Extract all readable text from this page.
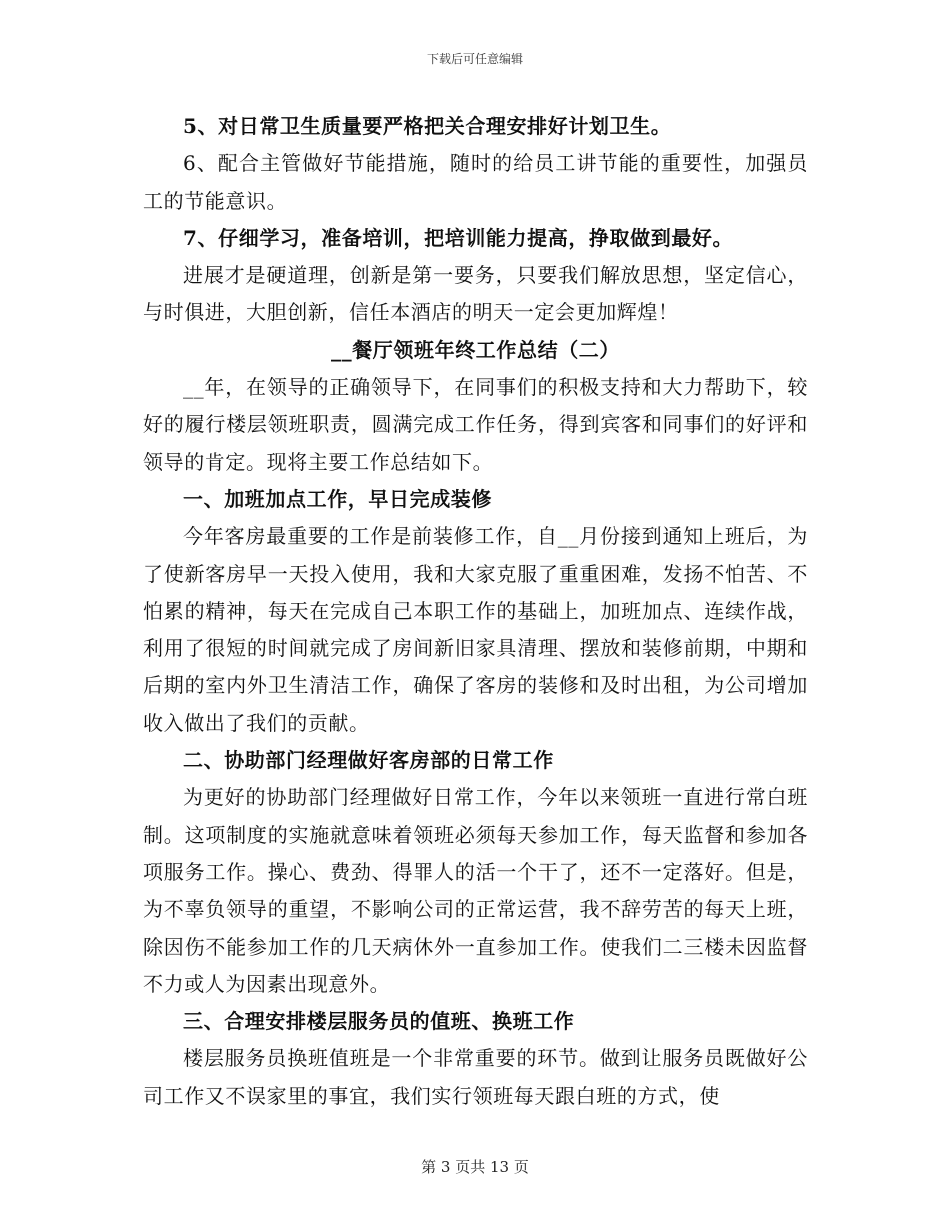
下载后可任意编辑

5、对日常卫生质量要严格把关合理安排好计划卫生。

6、配合主管做好节能措施，随时的给员工讲节能的重要性，加强员工的节能意识。

7、仔细学习，准备培训，把培训能力提高，挣取做到最好。

进展才是硬道理，创新是第一要务，只要我们解放思想，坚定信心，与时俱进，大胆创新，信任本酒店的明天一定会更加辉煌！

__餐厅领班年终工作总结（二）

__年，在领导的正确领导下，在同事们的积极支持和大力帮助下，较好的履行楼层领班职责，圆满完成工作任务，得到宾客和同事们的好评和领导的肯定。现将主要工作总结如下。

一、加班加点工作，早日完成装修

今年客房最重要的工作是前装修工作，自__月份接到通知上班后，为了使新客房早一天投入使用，我和大家克服了重重困难，发扬不怕苦、不怕累的精神，每天在完成自己本职工作的基础上，加班加点、连续作战，利用了很短的时间就完成了房间新旧家具清理、摆放和装修前期，中期和后期的室内外卫生清洁工作，确保了客房的装修和及时出租，为公司增加收入做出了我们的贡献。

二、协助部门经理做好客房部的日常工作

为更好的协助部门经理做好日常工作，今年以来领班一直进行常白班制。这项制度的实施就意味着领班必须每天参加工作，每天监督和参加各项服务工作。操心、费劲、得罪人的活一个干了，还不一定落好。但是，为不辜负领导的重望，不影响公司的正常运营，我不辞劳苦的每天上班，除因伤不能参加工作的几天病休外一直参加工作。使我们二三楼未因监督不力或人为因素出现意外。

三、合理安排楼层服务员的值班、换班工作

楼层服务员换班值班是一个非常重要的环节。做到让服务员既做好公司工作又不误家里的事宜，我们实行领班每天跟白班的方式，使

第 3 页共 13 页
